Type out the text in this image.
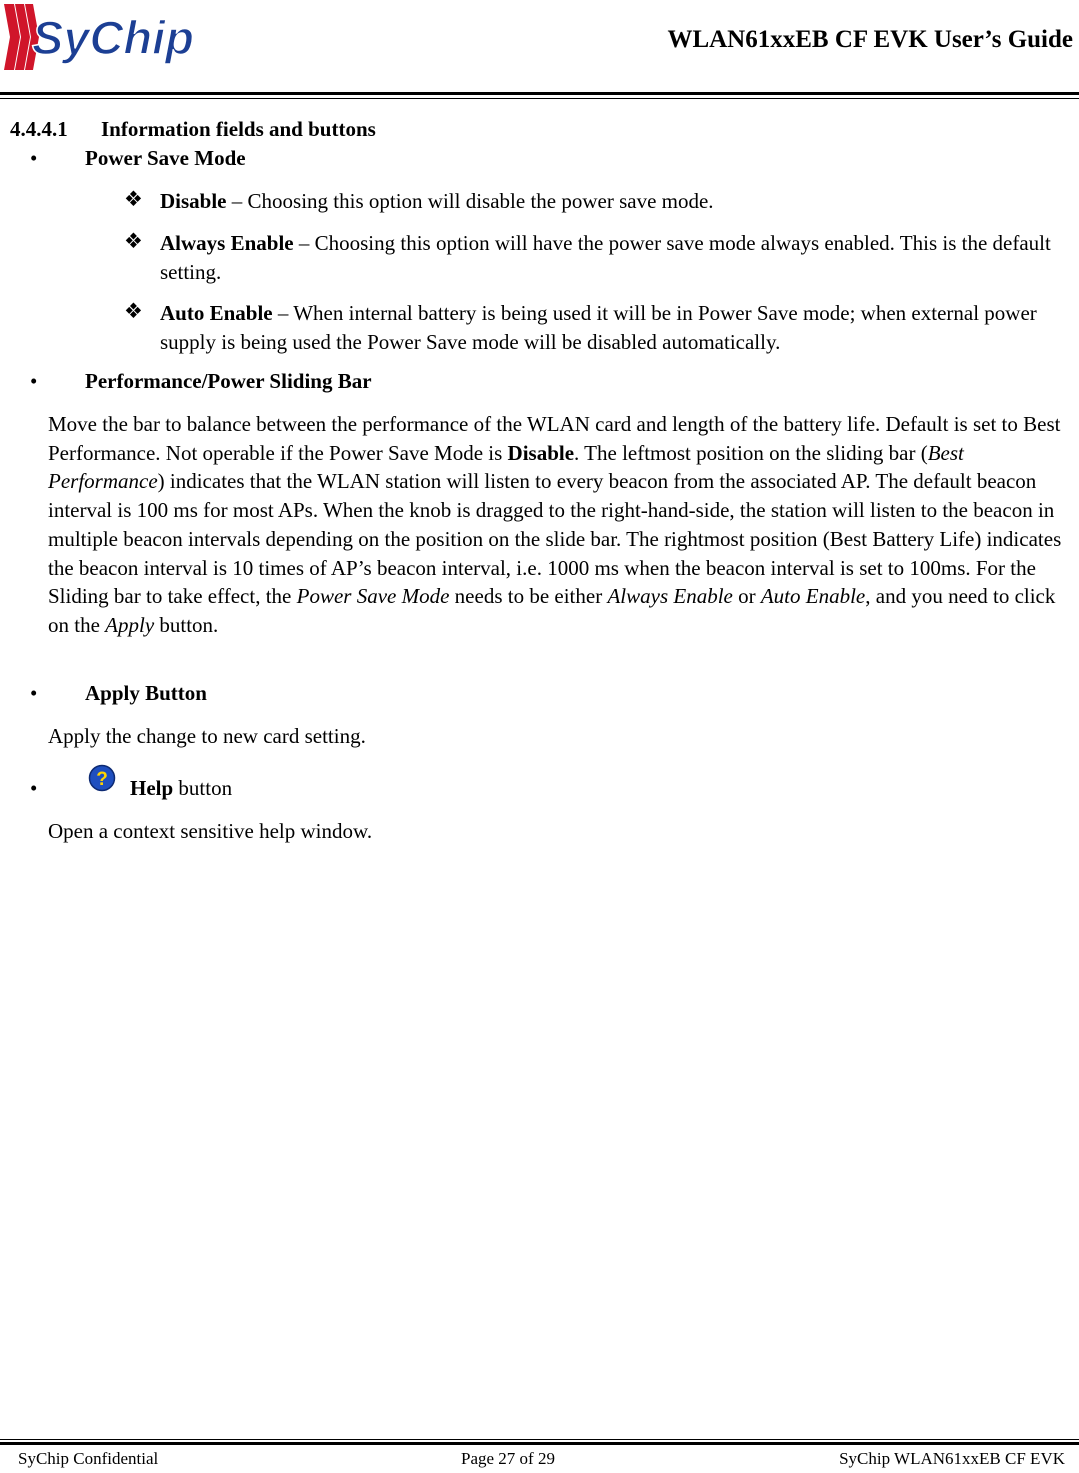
SyChip	WLAN61xxEB CF EVK User’s Guide
4.4.4.1 Information fields and buttons
• Power Save Mode
❖ Disable – Choosing this option will disable the power save mode.
❖ Always Enable – Choosing this option will have the power save mode always enabled. This is the default setting.
❖ Auto Enable – When internal battery is being used it will be in Power Save mode; when external power supply is being used the Power Save mode will be disabled automatically.
• Performance/Power Sliding Bar
Move the bar to balance between the performance of the WLAN card and length of the battery life. Default is set to Best Performance. Not operable if the Power Save Mode is Disable. The leftmost position on the sliding bar (Best Performance) indicates that the WLAN station will listen to every beacon from the associated AP. The default beacon interval is 100 ms for most APs. When the knob is dragged to the right-hand-side, the station will listen to the beacon in multiple beacon intervals depending on the position on the slide bar. The rightmost position (Best Battery Life) indicates the beacon interval is 10 times of AP’s beacon interval, i.e. 1000 ms when the beacon interval is set to 100ms. For the Sliding bar to take effect, the Power Save Mode needs to be either Always Enable or Auto Enable, and you need to click on the Apply button.
• Apply Button
Apply the change to new card setting.
•	? Help button
Open a context sensitive help window.
SyChip Confidential	Page 27 of 29	SyChip WLAN61xxEB CF EVK
